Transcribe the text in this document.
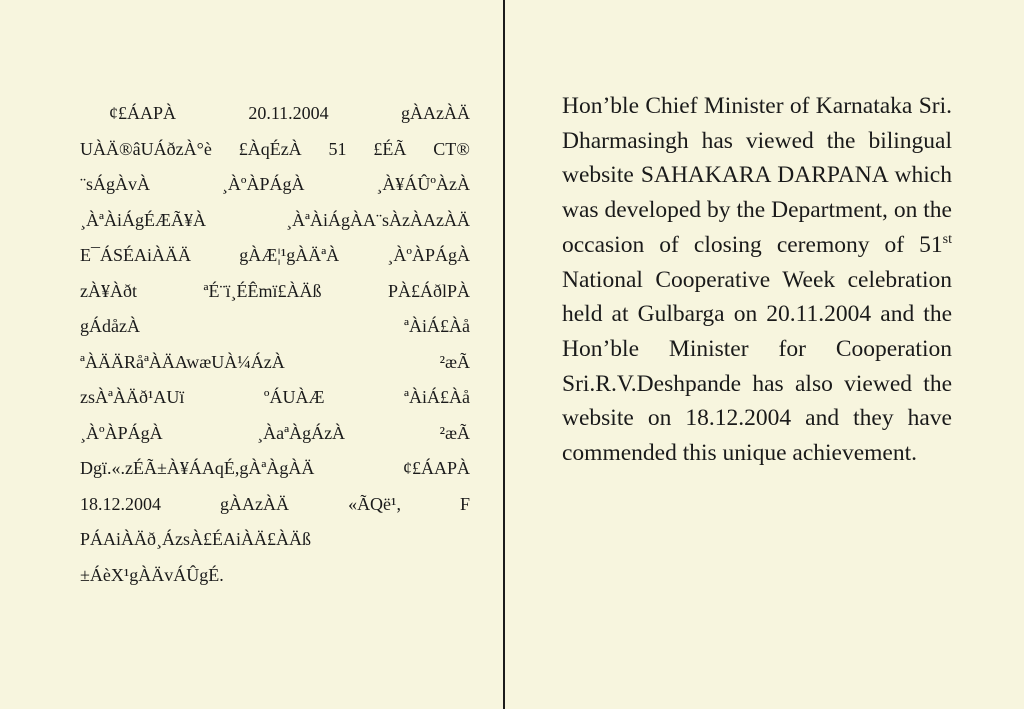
¢£ÁAPÀ	20.11.2004	gÀAzÀÄ
UÀÄ®âUÁðzÀ°è £ÀqÉzÀ 51 £ÉÃ CT®
¨sÁgÀvÀ	¸ÀºÀPÁgÀ	¸À¥ÁÛºÀzÀ
¸ÀªÀiÁgÉÆÃ¥À	¸ÀªÀiÁgÀA¨sÀzÀAzÀÄ
E¯ÁSÉAiÀÄÄ	gÀÆ¦¹gÀÄªÀ	¸ÀºÀPÁgÀ
zÀ¥Àðt	ªÉ¨ï¸ÉÊmï£ÀÄß	PÀ£ÁðlPÀ
gÁdåzÀ	ªÀiÁ£Àå
ªÀÄÄRåªÀÄAwæUÀ¼ÁzÀ	²æÃ
zsÀªÀÄð¹AUï	ºÁUÀÆ	ªÀiÁ£Àå
¸ÀºÀPÁgÀ	¸ÀaªÀgÁzÀ	²æÃ
Dgï.«.zÉÃ±À¥ÁAqÉ,gÀªÀgÀÄ	¢£ÁAPÀ
18.12.2004	gÀAzÀÄ	«ÃQë¹,	F
PÁAiÀÄð¸ÁzsÀ£ÉAiÀÄ£ÀÄß
±ÁèX¹gÀÄvÁÛgÉ.

Hon’ble Chief Minister of Karnataka Sri. Dharmasingh has viewed the bilingual website SAHAKARA DARPANA which was developed by the Department, on the occasion of closing ceremony of 51st National Cooperative Week celebration held at Gulbarga on 20.11.2004 and the Hon’ble Minister for Cooperation Sri.R.V.Deshpande has also viewed the website on 18.12.2004 and they have commended this unique achievement.
